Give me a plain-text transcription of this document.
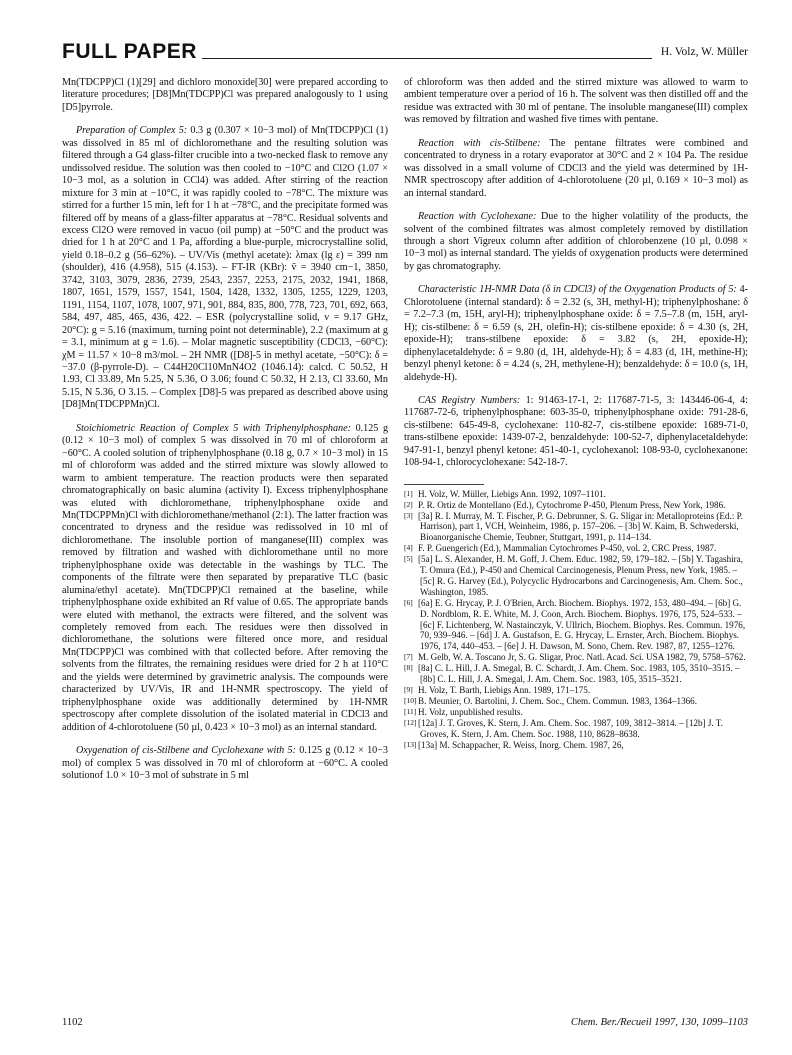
FULL PAPER	H. Volz, W. Müller

Mn(TDCPP)Cl (1)[29] and dichloro monoxide[30] were prepared according to literature procedures; [D8]Mn(TDCPP)Cl was prepared analogously to 1 using [D5]pyrrole.

Preparation of Complex 5: 0.3 g (0.307 × 10−3 mol) of Mn(TDCPP)Cl (1) was dissolved in 85 ml of dichloromethane and the resulting solution was filtered through a G4 glass-filter crucible into a two-necked flask to remove any undissolved residue. The solution was then cooled to −10°C and Cl2O (1.07 × 10−3 mol, as a solution in CCl4) was added. After stirring of the reaction mixture for 3 min at −10°C, it was rapidly cooled to −78°C. The mixture was stirred for a further 15 min, left for 1 h at −78°C, and the precipitate formed was filtered off by means of a glass-filter apparatus at −78°C. Residual solvents and excess Cl2O were removed in vacuo (oil pump) at −50°C and the product was dried for 1 h at 20°C and 1 Pa, affording a blue-purple, microcrystalline solid, yield 0.18–0.2 g (56–62%). – UV/Vis (methyl acetate): λmax (lg ε) = 399 nm (shoulder), 416 (4.958), 515 (4.153). – FT-IR (KBr): ṽ = 3940 cm−1, 3850, 3742, 3103, 3079, 2836, 2739, 2543, 2357, 2253, 2175, 2032, 1941, 1868, 1807, 1651, 1579, 1557, 1541, 1504, 1428, 1332, 1305, 1255, 1229, 1203, 1191, 1154, 1107, 1078, 1007, 971, 901, 884, 835, 800, 778, 723, 701, 692, 663, 584, 497, 485, 465, 436, 422. – ESR (polycrystalline solid, ν = 9.17 GHz, 20°C): g = 5.16 (maximum, turning point not determinable), 2.2 (maximum at g = 3.1, minimum at g = 1.6). – Molar magnetic susceptibility (CDCl3, −60°C): χM = 11.57 × 10−8 m3/mol. – 2H NMR ([D8]-5 in methyl acetate, −50°C): δ = −37.0 (β-pyrrole-D). – C44H20Cl10MnN4O2 (1046.14): calcd. C 50.52, H 1.93, Cl 33.89, Mn 5.25, N 5.36, O 3.06; found C 50.32, H 2.13, Cl 33.60, Mn 5.15, N 5.36, O 3.15. – Complex [D8]-5 was prepared as described above using [D8]Mn(TDCPPMn)Cl.

Stoichiometric Reaction of Complex 5 with Triphenylphosphane: 0.125 g (0.12 × 10−3 mol) of complex 5 was dissolved in 70 ml of chloroform at −60°C. A cooled solution of triphenylphosphane (0.18 g, 0.7 × 10−3 mol) in 15 ml of chloroform was added and the stirred mixture was slowly allowed to warm to ambient temperature. The reaction products were then separated chromatographically on basic alumina (activity I). Excess triphenylphosphane was eluted with dichloromethane, triphenylphosphane oxide and Mn(TDCPPMn)Cl with dichloromethane/methanol (2:1). The latter fraction was concentrated to dryness and the residue was redissolved in 10 ml of dichloromethane. The insoluble portion of manganese(III) complex was removed by filtration and washed with dichloromethane until no more triphenylphosphane oxide was detectable in the washings by TLC. The components of the filtrate were then separated by preparative TLC (basic alumina/ethyl acetate). Mn(TDCPP)Cl remained at the baseline, while triphenylphosphane oxide exhibited an Rf value of 0.65. The appropriate bands were eluted with methanol, the extracts were filtered, and the solvent was completely removed from each. The residues were then dissolved in dichloromethane, the solutions were filtered once more, and residual Mn(TDCPP)Cl was combined with that collected before. After removing the solvents from the filtrates, the remaining residues were dried for 2 h at 110°C and the yields were determined by gravimetric analysis. The compounds were characterized by UV/Vis, IR and 1H-NMR spectroscopy. The yield of triphenylphosphane oxide was additionally determined by 1H-NMR spectroscopy after complete dissolution of the isolated material in CDCl3 and addition of 4-chlorotoluene (50 µl, 0.423 × 10−3 mol) as an internal standard.

Oxygenation of cis-Stilbene and Cyclohexane with 5: 0.125 g (0.12 × 10−3 mol) of complex 5 was dissolved in 70 ml of chloroform at −60°C. A cooled solutionof 1.0 × 10−3 mol of substrate in 5 ml

of chloroform was then added and the stirred mixture was allowed to warm to ambient temperature over a period of 16 h. The solvent was then distilled off and the residue was extracted with 30 ml of pentane. The insoluble manganese(III) complex was removed by filtration and washed five times with pentane.

Reaction with cis-Stilbene: The pentane filtrates were combined and concentrated to dryness in a rotary evaporator at 30°C and 2 × 104 Pa. The residue was dissolved in a small volume of CDCl3 and the yield was determined by 1H-NMR spectroscopy after addition of 4-chlorotoluene (20 µl, 0.169 × 10−3 mol) as an internal standard.

Reaction with Cyclohexane: Due to the higher volatility of the products, the solvent of the combined filtrates was almost completely removed by distillation through a short Vigreux column after addition of chlorobenzene (10 µl, 0.098 × 10−3 mol) as internal standard. The yields of oxygenation products were determined by gas chromatography.

Characteristic 1H-NMR Data (δ in CDCl3) of the Oxygenation Products of 5: 4-Chlorotoluene (internal standard): δ = 2.32 (s, 3H, methyl-H); triphenylphoshane: δ = 7.2–7.3 (m, 15H, aryl-H); triphenylphosphane oxide: δ = 7.5–7.8 (m, 15H, aryl-H); cis-stilbene: δ = 6.59 (s, 2H, olefin-H); cis-stilbene epoxide: δ = 4.30 (s, 2H, epoxide-H); trans-stilbene epoxide: δ = 3.82 (s, 2H, epoxide-H); diphenylacetaldehyde: δ = 9.80 (d, 1H, aldehyde-H); δ = 4.83 (d, 1H, methine-H); benzyl phenyl ketone: δ = 4.24 (s, 2H, methylene-H); benzaldehyde: δ = 10.0 (s, 1H, aldehyde-H).

CAS Registry Numbers: 1: 91463-17-1, 2: 117687-71-5, 3: 143446-06-4, 4: 117687-72-6, triphenylphosphane: 603-35-0, triphenylphosphane oxide: 791-28-6, cis-stilbene: 645-49-8, cyclohexane: 110-82-7, cis-stilbene epoxide: 1689-71-0, trans-stilbene epoxide: 1439-07-2, benzaldehyde: 100-52-7, diphenylacetaldehyde: 947-91-1, benzyl phenyl ketone: 451-40-1, cyclohexanol: 108-93-0, cyclohexanone: 108-94-1, chlorocyclohexane: 542-18-7.

[1] H. Volz, W. Müller, Liebigs Ann. 1992, 1097–1101.
[2] P. R. Ortiz de Montellano (Ed.), Cytochrome P-450, Plenum Press, New York, 1986.
[3] [3a] R. I. Murray, M. T. Fischer, P. G. Debrunner, S. G. Sligar in: Metalloproteins (Ed.: P. Harrison), part 1, VCH, Weinheim, 1986, p. 157–206. – [3b] W. Kaim, B. Schwederski, Bioanorganische Chemie, Teubner, Stuttgart, 1991, p. 114–134.
[4] F. P. Guengerich (Ed.), Mammalian Cytochromes P-450, vol. 2, CRC Press, 1987.
[5] [5a] L. S. Alexander, H. M. Goff, J. Chem. Educ. 1982, 59, 179–182. – [5b] Y. Tagashira, T. Omura (Ed.), P-450 and Chemical Carcinogenesis, Plenum Press, new York, 1985. – [5c] R. G. Harvey (Ed.), Polycyclic Hydrocarbons and Carcinogenesis, Am. Chem. Soc., Washington, 1985.
[6] [6a] E. G. Hrycay, P. J. O'Brien, Arch. Biochem. Biophys. 1972, 153, 480–494. – [6b] G. D. Nordblom, R. E. White, M. J. Coon, Arch. Biochem. Biophys. 1976, 175, 524–533. – [6c] F. Lichtenberg, W. Nastainczyk, V. Ullrich, Biochem. Biophys. Res. Commun. 1976, 70, 939–946. – [6d] J. A. Gustafson, E. G. Hrycay, L. Ernster, Arch. Biochem. Biophys. 1976, 174, 440–453. – [6e] J. H. Dawson, M. Sono, Chem. Rev. 1987, 87, 1255–1276.
[7] M. Gelb, W. A. Toscano Jr, S. G. Sligar, Proc. Natl. Acad. Sci. USA 1982, 79, 5758–5762.
[8] [8a] C. L. Hill, J. A. Smegal, B. C. Schardt, J. Am. Chem. Soc. 1983, 105, 3510–3515. – [8b] C. L. Hill, J. A. Smegal, J. Am. Chem. Soc. 1983, 105, 3515–3521.
[9] H. Volz, T. Barth, Liebigs Ann. 1989, 171–175.
[10] B. Meunier, O. Bartolini, J. Chem. Soc., Chem. Commun. 1983, 1364–1366.
[11] H. Volz, unpublished results.
[12] [12a] J. T. Groves, K. Stern, J. Am. Chem. Soc. 1987, 109, 3812–3814. – [12b] J. T. Groves, K. Stern, J. Am. Chem. Soc. 1988, 110, 8628–8638.
[13] [13a] M. Schappacher, R. Weiss, Inorg. Chem. 1987, 26,
1102	Chem. Ber./Recueil 1997, 130, 1099–1103
